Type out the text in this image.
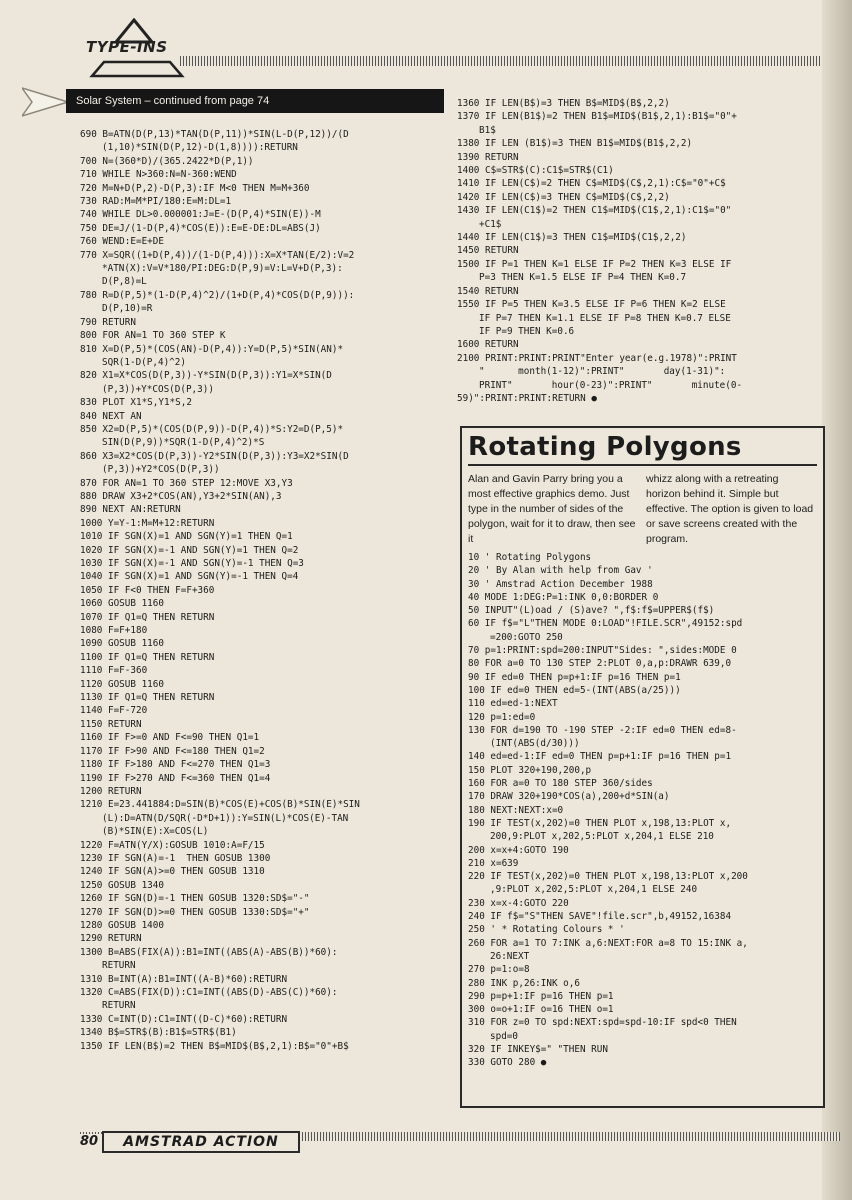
TYPE-INS
Solar System – continued from page 74
690 B=ATN(D(P,13)*TAN(D(P,11))*SIN(L-D(P,12))/(D
(1,10)*SIN(D(P,12)-D(1,8)))):RETURN
700 N=(360*D)/(365.2422*D(P,1))
710 WHILE N>360:N=N-360:WEND
720 M=N+D(P,2)-D(P,3):IF M<0 THEN M=M+360
730 RAD:M=M*PI/180:E=M:DL=1
740 WHILE DL>0.000001:J=E-(D(P,4)*SIN(E))-M
750 DE=J/(1-D(P,4)*COS(E)):E=E-DE:DL=ABS(J)
760 WEND:E=E+DE
770 X=SQR((1+D(P,4))/(1-D(P,4))):X=X*TAN(E/2):V=2
*ATN(X):V=V*180/PI:DEG:D(P,9)=V:L=V+D(P,3):
D(P,8)=L
780 R=D(P,5)*(1-D(P,4)^2)/(1+D(P,4)*COS(D(P,9))):
D(P,10)=R
790 RETURN
800 FOR AN=1 TO 360 STEP K
810 X=D(P,5)*(COS(AN)-D(P,4)):Y=D(P,5)*SIN(AN)*
SQR(1-D(P,4)^2)
820 X1=X*COS(D(P,3))-Y*SIN(D(P,3)):Y1=X*SIN(D
(P,3))+Y*COS(D(P,3))
830 PLOT X1*S,Y1*S,2
840 NEXT AN
850 X2=D(P,5)*(COS(D(P,9))-D(P,4))*S:Y2=D(P,5)*
SIN(D(P,9))*SQR(1-D(P,4)^2)*S
860 X3=X2*COS(D(P,3))-Y2*SIN(D(P,3)):Y3=X2*SIN(D
(P,3))+Y2*COS(D(P,3))
870 FOR AN=1 TO 360 STEP 12:MOVE X3,Y3
880 DRAW X3+2*COS(AN),Y3+2*SIN(AN),3
890 NEXT AN:RETURN
1000 Y=Y-1:M=M+12:RETURN
1010 IF SGN(X)=1 AND SGN(Y)=1 THEN Q=1
1020 IF SGN(X)=-1 AND SGN(Y)=1 THEN Q=2
1030 IF SGN(X)=-1 AND SGN(Y)=-1 THEN Q=3
1040 IF SGN(X)=1 AND SGN(Y)=-1 THEN Q=4
1050 IF F<0 THEN F=F+360
1060 GOSUB 1160
1070 IF Q1=Q THEN RETURN
1080 F=F+180
1090 GOSUB 1160
1100 IF Q1=Q THEN RETURN
1110 F=F-360
1120 GOSUB 1160
1130 IF Q1=Q THEN RETURN
1140 F=F-720
1150 RETURN
1160 IF F>=0 AND F<=90 THEN Q1=1
1170 IF F>90 AND F<=180 THEN Q1=2
1180 IF F>180 AND F<=270 THEN Q1=3
1190 IF F>270 AND F<=360 THEN Q1=4
1200 RETURN
1210 E=23.441884:D=SIN(B)*COS(E)+COS(B)*SIN(E)*SIN
(L):D=ATN(D/SQR(-D*D+1)):Y=SIN(L)*COS(E)-TAN
(B)*SIN(E):X=COS(L)
1220 F=ATN(Y/X):GOSUB 1010:A=F/15
1230 IF SGN(A)=-1  THEN GOSUB 1300
1240 IF SGN(A)>=0 THEN GOSUB 1310
1250 GOSUB 1340
1260 IF SGN(D)=-1 THEN GOSUB 1320:SD$="-"
1270 IF SGN(D)>=0 THEN GOSUB 1330:SD$="+"
1280 GOSUB 1400
1290 RETURN
1300 B=ABS(FIX(A)):B1=INT((ABS(A)-ABS(B))*60):
RETURN
1310 B=INT(A):B1=INT((A-B)*60):RETURN
1320 C=ABS(FIX(D)):C1=INT((ABS(D)-ABS(C))*60):
RETURN
1330 C=INT(D):C1=INT((D-C)*60):RETURN
1340 B$=STR$(B):B1$=STR$(B1)
1350 IF LEN(B$)=2 THEN B$=MID$(B$,2,1):B$="0"+B$
1360 IF LEN(B$)=3 THEN B$=MID$(B$,2,2)
1370 IF LEN(B1$)=2 THEN B1$=MID$(B1$,2,1):B1$="0"+
B1$
1380 IF LEN (B1$)=3 THEN B1$=MID$(B1$,2,2)
1390 RETURN
1400 C$=STR$(C):C1$=STR$(C1)
1410 IF LEN(C$)=2 THEN C$=MID$(C$,2,1):C$="0"+C$
1420 IF LEN(C$)=3 THEN C$=MID$(C$,2,2)
1430 IF LEN(C1$)=2 THEN C1$=MID$(C1$,2,1):C1$="0"
+C1$
1440 IF LEN(C1$)=3 THEN C1$=MID$(C1$,2,2)
1450 RETURN
1500 IF P=1 THEN K=1 ELSE IF P=2 THEN K=3 ELSE IF
P=3 THEN K=1.5 ELSE IF P=4 THEN K=0.7
1540 RETURN
1550 IF P=5 THEN K=3.5 ELSE IF P=6 THEN K=2 ELSE
IF P=7 THEN K=1.1 ELSE IF P=8 THEN K=0.7 ELSE
IF P=9 THEN K=0.6
1600 RETURN
2100 PRINT:PRINT:PRINT"Enter year(e.g.1978)":PRINT
"      month(1-12)":PRINT"       day(1-31)":
PRINT"       hour(0-23)":PRINT"       minute(0-
59)":PRINT:PRINT:RETURN ●
Rotating Polygons

Alan and Gavin Parry bring you a most effective graphics demo. Just type in the number of sides of the polygon, wait for it to draw, then see it

whizz along with a retreating horizon behind it. Simple but effective. The option is given to load or save screens created with the program.

10 ' Rotating Polygons
20 ' By Alan with help from Gav '
30 ' Amstrad Action December 1988
40 MODE 1:DEG:P=1:INK 0,0:BORDER 0
50 INPUT"(L)oad / (S)ave? ",f$:f$=UPPER$(f$)
60 IF f$="L"THEN MODE 0:LOAD"!FILE.SCR",49152:spd
=200:GOTO 250
70 p=1:PRINT:spd=200:INPUT"Sides: ",sides:MODE 0
80 FOR a=0 TO 130 STEP 2:PLOT 0,a,p:DRAWR 639,0
90 IF ed=0 THEN p=p+1:IF p=16 THEN p=1
100 IF ed=0 THEN ed=5-(INT(ABS(a/25)))
110 ed=ed-1:NEXT
120 p=1:ed=0
130 FOR d=190 TO -190 STEP -2:IF ed=0 THEN ed=8-
(INT(ABS(d/30)))
140 ed=ed-1:IF ed=0 THEN p=p+1:IF p=16 THEN p=1
150 PLOT 320+190,200,p
160 FOR a=0 TO 180 STEP 360/sides
170 DRAW 320+190*COS(a),200+d*SIN(a)
180 NEXT:NEXT:x=0
190 IF TEST(x,202)=0 THEN PLOT x,198,13:PLOT x,
200,9:PLOT x,202,5:PLOT x,204,1 ELSE 210
200 x=x+4:GOTO 190
210 x=639
220 IF TEST(x,202)=0 THEN PLOT x,198,13:PLOT x,200
,9:PLOT x,202,5:PLOT x,204,1 ELSE 240
230 x=x-4:GOTO 220
240 IF f$="S"THEN SAVE"!file.scr",b,49152,16384
250 ' * Rotating Colours * '
260 FOR a=1 TO 7:INK a,6:NEXT:FOR a=8 TO 15:INK a,
26:NEXT
270 p=1:o=8
280 INK p,26:INK o,6
290 p=p+1:IF p=16 THEN p=1
300 o=o+1:IF o=16 THEN o=1
310 FOR z=0 TO spd:NEXT:spd=spd-10:IF spd<0 THEN
spd=0
320 IF INKEY$=" "THEN RUN
330 GOTO 280 ●
80	AMSTRAD ACTION
